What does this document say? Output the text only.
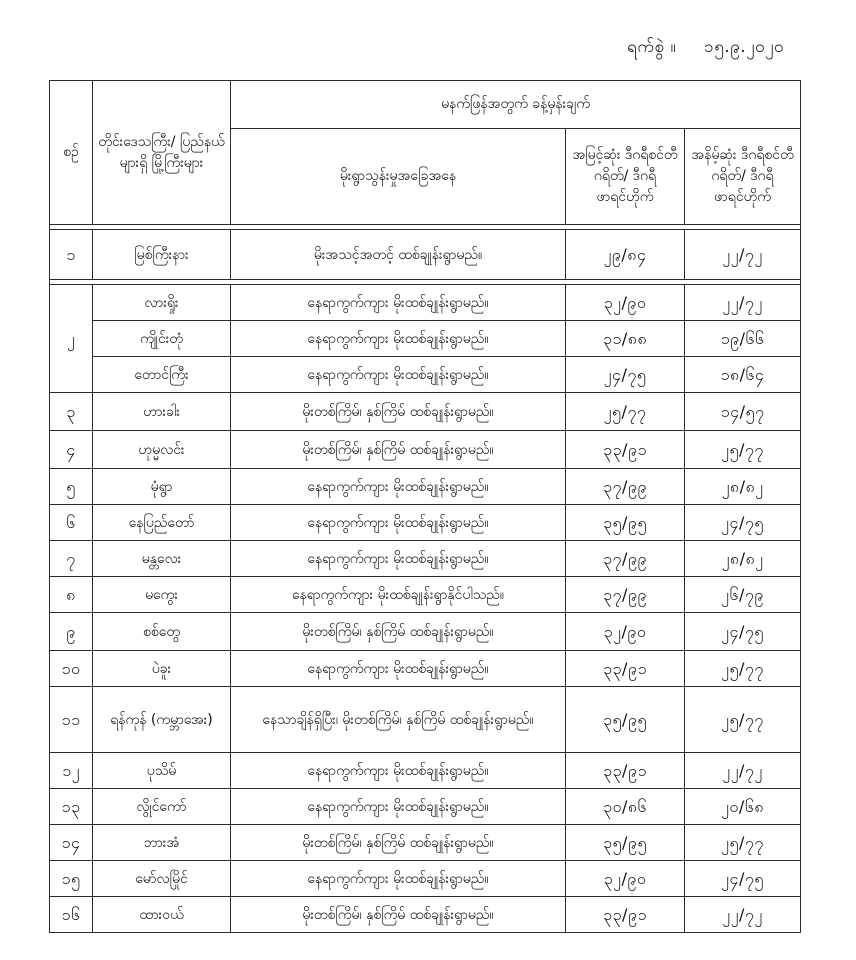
ရက်စွဲ ။ ၁၅.၉.၂၀၂၀
စဉ်	တိုင်းဒေသကြီး/ ပြည်နယ်များရှိ မြို့ကြီးများ	မနက်ဖြန်အတွက် ခန့်မှန်းချက်		
		မိုးရွာသွန်းမှုအခြေအနေ	အမြင့်ဆုံး ဒီဂရီစင်တီဂရိတ်/ ဒီဂရီဖာရင်ဟိုက်	အနိမ့်ဆုံး ဒီဂရီစင်တီဂရိတ်/ ဒီဂရီဖာရင်ဟိုက်

၁	မြစ်ကြီးနား	မိုးအသင့်အတင့် ထစ်ချုန်းရွာမည်။	၂၉/၈၄	၂၂/၇၂

၂	လားရှိုး	နေရာကွက်ကျား မိုးထစ်ချုန်းရွာမည်။	၃၂/၉၀	၂၂/၇၂
	ကျိုင်းတုံ	နေရာကွက်ကျား မိုးထစ်ချုန်းရွာမည်။	၃၁/၈၈	၁၉/၆၆
	တောင်ကြီး	နေရာကွက်ကျား မိုးထစ်ချုန်းရွာမည်။	၂၄/၇၅	၁၈/၆၄
၃	ဟားခါး	မိုးတစ်ကြိမ်၊ နှစ်ကြိမ် ထစ်ချုန်းရွာမည်။	၂၅/၇၇	၁၄/၅၇
၄	ဟုမ္မလင်း	မိုးတစ်ကြိမ်၊ နှစ်ကြိမ် ထစ်ချုန်းရွာမည်။	၃၃/၉၁	၂၅/၇၇
၅	မုံရွာ	နေရာကွက်ကျား မိုးထစ်ချုန်းရွာမည်။	၃၇/၉၉	၂၈/၈၂
၆	နေပြည်တော်	နေရာကွက်ကျား မိုးထစ်ချုန်းရွာမည်။	၃၅/၉၅	၂၄/၇၅
၇	မန္တလေး	နေရာကွက်ကျား မိုးထစ်ချုန်းရွာမည်။	၃၇/၉၉	၂၈/၈၂
၈	မကွေး	နေရာကွက်ကျား မိုးထစ်ချုန်းရွာနိုင်ပါသည်။	၃၇/၉၉	၂၆/၇၉
၉	စစ်တွေ	မိုးတစ်ကြိမ်၊ နှစ်ကြိမ် ထစ်ချုန်းရွာမည်။	၃၂/၉၀	၂၄/၇၅
၁၀	ပဲခူး	နေရာကွက်ကျား မိုးထစ်ချုန်းရွာမည်။	၃၃/၉၁	၂၅/၇၇
၁၁	ရန်ကုန် (ကမ္ဘာအေး)	နေသာချိန်ရှိပြီး၊ မိုးတစ်ကြိမ်၊ နှစ်ကြိမ် ထစ်ချုန်းရွာမည်။	၃၅/၉၅	၂၅/၇၇
၁၂	ပုသိမ်	နေရာကွက်ကျား မိုးထစ်ချုန်းရွာမည်။	၃၃/၉၁	၂၂/၇၂
၁၃	လွိုင်ကော်	နေရာကွက်ကျား မိုးထစ်ချုန်းရွာမည်။	၃၀/၈၆	၂၀/၆၈
၁၄	ဘားအံ	မိုးတစ်ကြိမ်၊ နှစ်ကြိမ် ထစ်ချုန်းရွာမည်။	၃၅/၉၅	၂၅/၇၇
၁၅	မော်လမြိုင်	နေရာကွက်ကျား မိုးထစ်ချုန်းရွာမည်။	၃၂/၉၀	၂၄/၇၅
၁၆	ထားဝယ်	မိုးတစ်ကြိမ်၊ နှစ်ကြိမ် ထစ်ချုန်းရွာမည်။	၃၃/၉၁	၂၂/၇၂
